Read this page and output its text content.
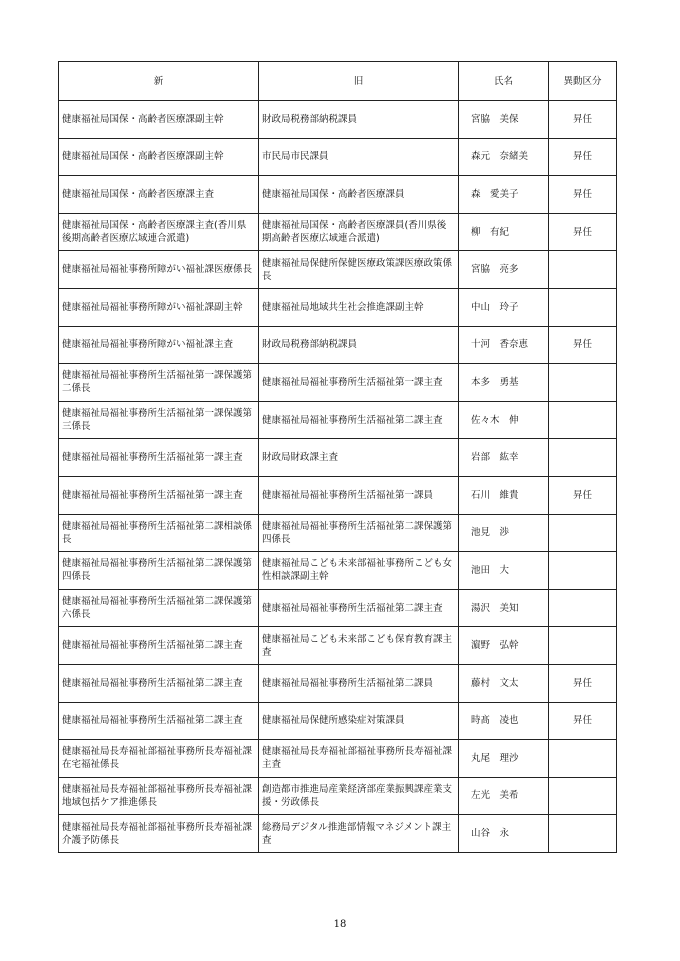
新	旧	氏名	異動区分
健康福祉局国保・高齢者医療課副主幹	財政局税務部納税課員	宮脇　美保	昇任
健康福祉局国保・高齢者医療課副主幹	市民局市民課員	森元　奈緒美	昇任
健康福祉局国保・高齢者医療課主査	健康福祉局国保・高齢者医療課員	森　愛美子	昇任
健康福祉局国保・高齢者医療課主査(香川県後期高齢者医療広域連合派遣)	健康福祉局国保・高齢者医療課員(香川県後期高齢者医療広域連合派遣)	柳　有紀	昇任
健康福祉局福祉事務所障がい福祉課医療係長	健康福祉局保健所保健医療政策課医療政策係長	宮脇　亮多	
健康福祉局福祉事務所障がい福祉課副主幹	健康福祉局地域共生社会推進課副主幹	中山　玲子	
健康福祉局福祉事務所障がい福祉課主査	財政局税務部納税課員	十河　香奈恵	昇任
健康福祉局福祉事務所生活福祉第一課保護第二係長	健康福祉局福祉事務所生活福祉第一課主査	本多　勇基	
健康福祉局福祉事務所生活福祉第一課保護第三係長	健康福祉局福祉事務所生活福祉第二課主査	佐々木　伸	
健康福祉局福祉事務所生活福祉第一課主査	財政局財政課主査	岩部　紘幸	
健康福祉局福祉事務所生活福祉第一課主査	健康福祉局福祉事務所生活福祉第一課員	石川　維貴	昇任
健康福祉局福祉事務所生活福祉第二課相談係長	健康福祉局福祉事務所生活福祉第二課保護第四係長	池見　渉	
健康福祉局福祉事務所生活福祉第二課保護第四係長	健康福祉局こども未来部福祉事務所こども女性相談課副主幹	池田　大	
健康福祉局福祉事務所生活福祉第二課保護第六係長	健康福祉局福祉事務所生活福祉第二課主査	湯沢　美知	
健康福祉局福祉事務所生活福祉第二課主査	健康福祉局こども未来部こども保育教育課主査	濵野　弘幹	
健康福祉局福祉事務所生活福祉第二課主査	健康福祉局福祉事務所生活福祉第二課員	藤村　文太	昇任
健康福祉局福祉事務所生活福祉第二課主査	健康福祉局保健所感染症対策課員	時髙　凌也	昇任
健康福祉局長寿福祉部福祉事務所長寿福祉課在宅福祉係長	健康福祉局長寿福祉部福祉事務所長寿福祉課主査	丸尾　理沙	
健康福祉局長寿福祉部福祉事務所長寿福祉課地域包括ケア推進係長	創造都市推進局産業経済部産業振興課産業支援・労政係長	左光　美希	
健康福祉局長寿福祉部福祉事務所長寿福祉課介護予防係長	総務局デジタル推進部情報マネジメント課主査	山谷　永	
18
